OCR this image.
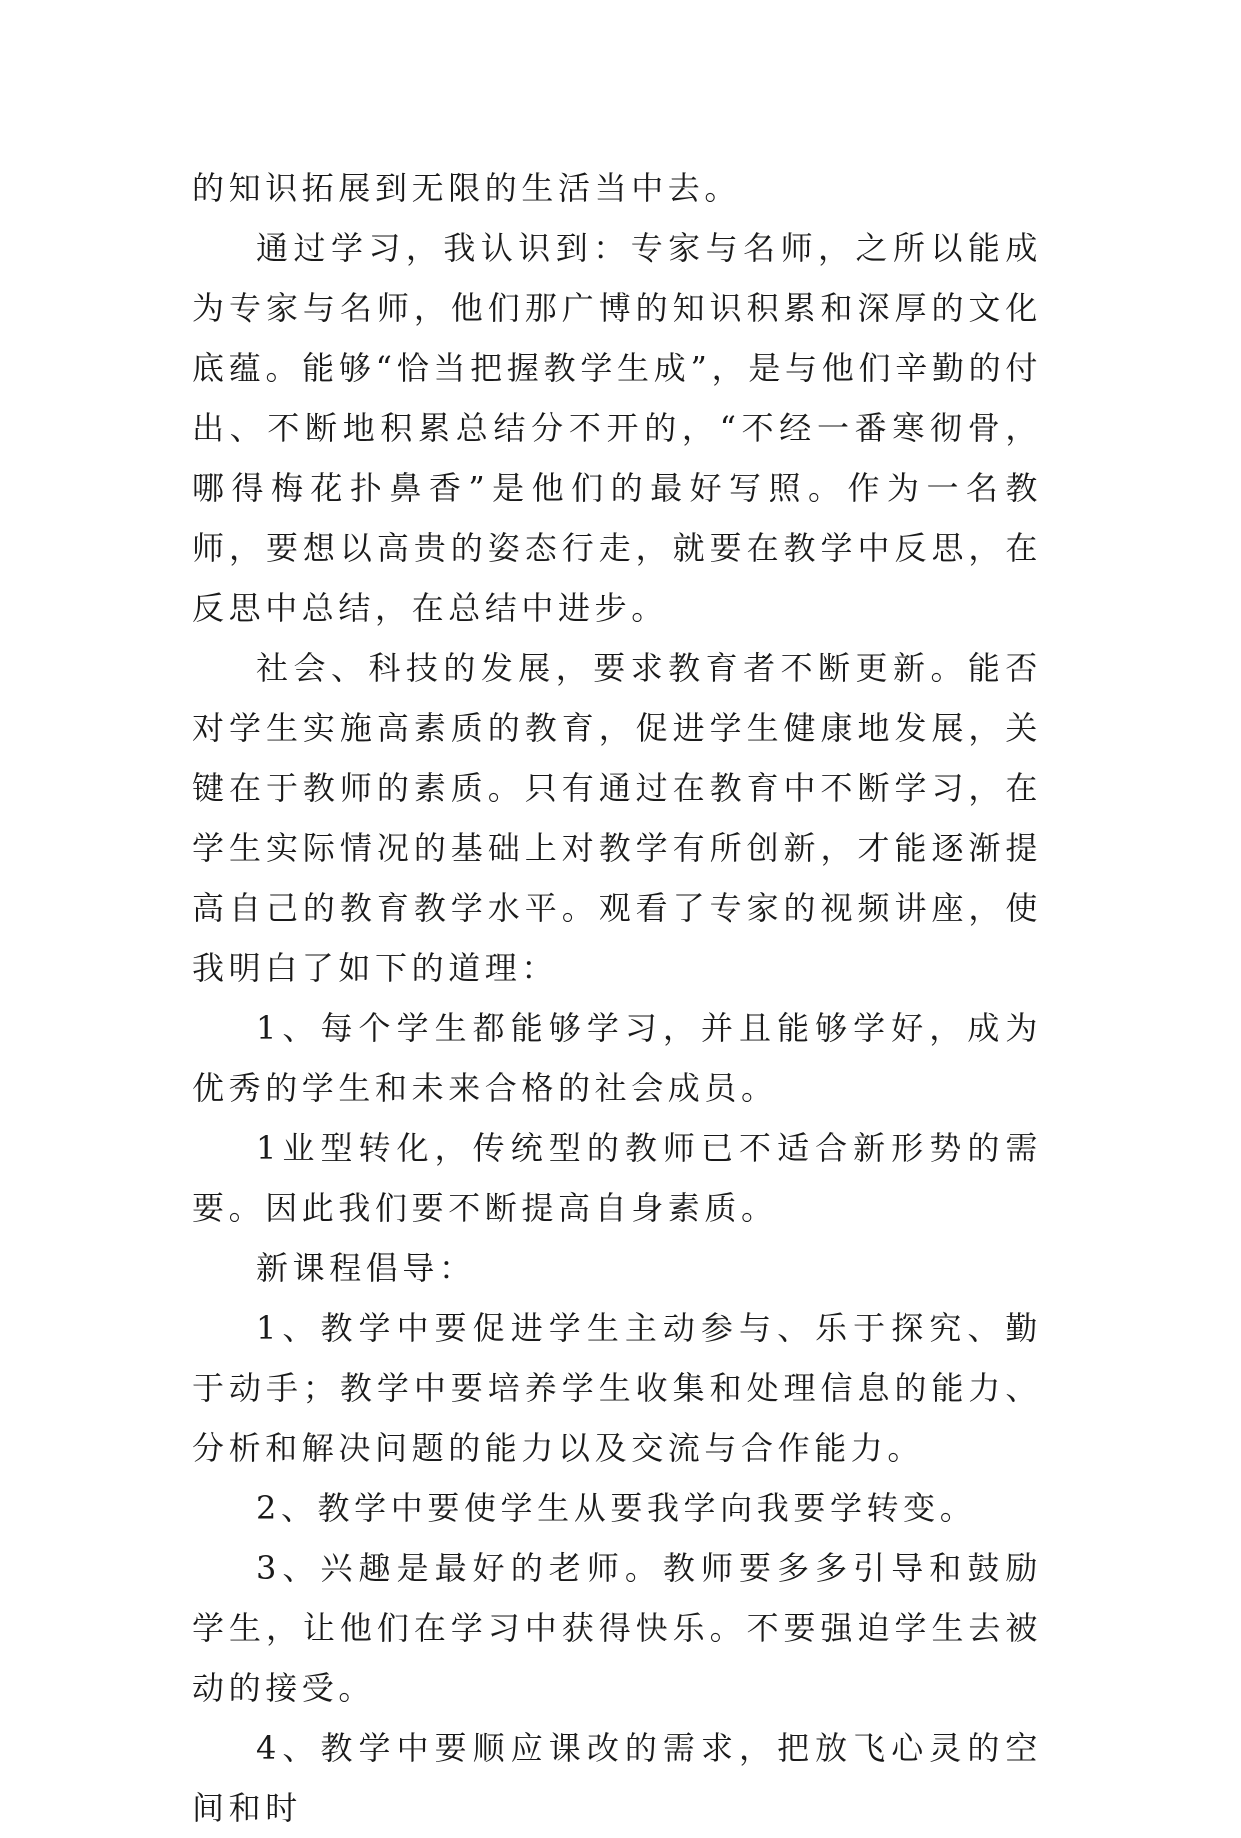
的知识拓展到无限的生活当中去。

通过学习，我认识到：专家与名师，之所以能成为专家与名师，他们那广博的知识积累和深厚的文化底蕴。能够“恰当把握教学生成”，是与他们辛勤的付出、不断地积累总结分不开的，“不经一番寒彻骨，哪得梅花扑鼻香”是他们的最好写照。作为一名教师，要想以高贵的姿态行走，就要在教学中反思，在反思中总结，在总结中进步。

社会、科技的发展，要求教育者不断更新。能否对学生实施高素质的教育，促进学生健康地发展，关键在于教师的素质。只有通过在教育中不断学习，在学生实际情况的基础上对教学有所创新，才能逐渐提高自己的教育教学水平。观看了专家的视频讲座，使我明白了如下的道理：

1、每个学生都能够学习，并且能够学好，成为优秀的学生和未来合格的社会成员。

1业型转化，传统型的教师已不适合新形势的需要。因此我们要不断提高自身素质。

新课程倡导：

1、教学中要促进学生主动参与、乐于探究、勤于动手；教学中要培养学生收集和处理信息的能力、分析和解决问题的能力以及交流与合作能力。

2、教学中要使学生从要我学向我要学转变。

3、兴趣是最好的老师。教师要多多引导和鼓励学生，让他们在学习中获得快乐。不要强迫学生去被动的接受。

4、教学中要顺应课改的需求，把放飞心灵的空间和时
